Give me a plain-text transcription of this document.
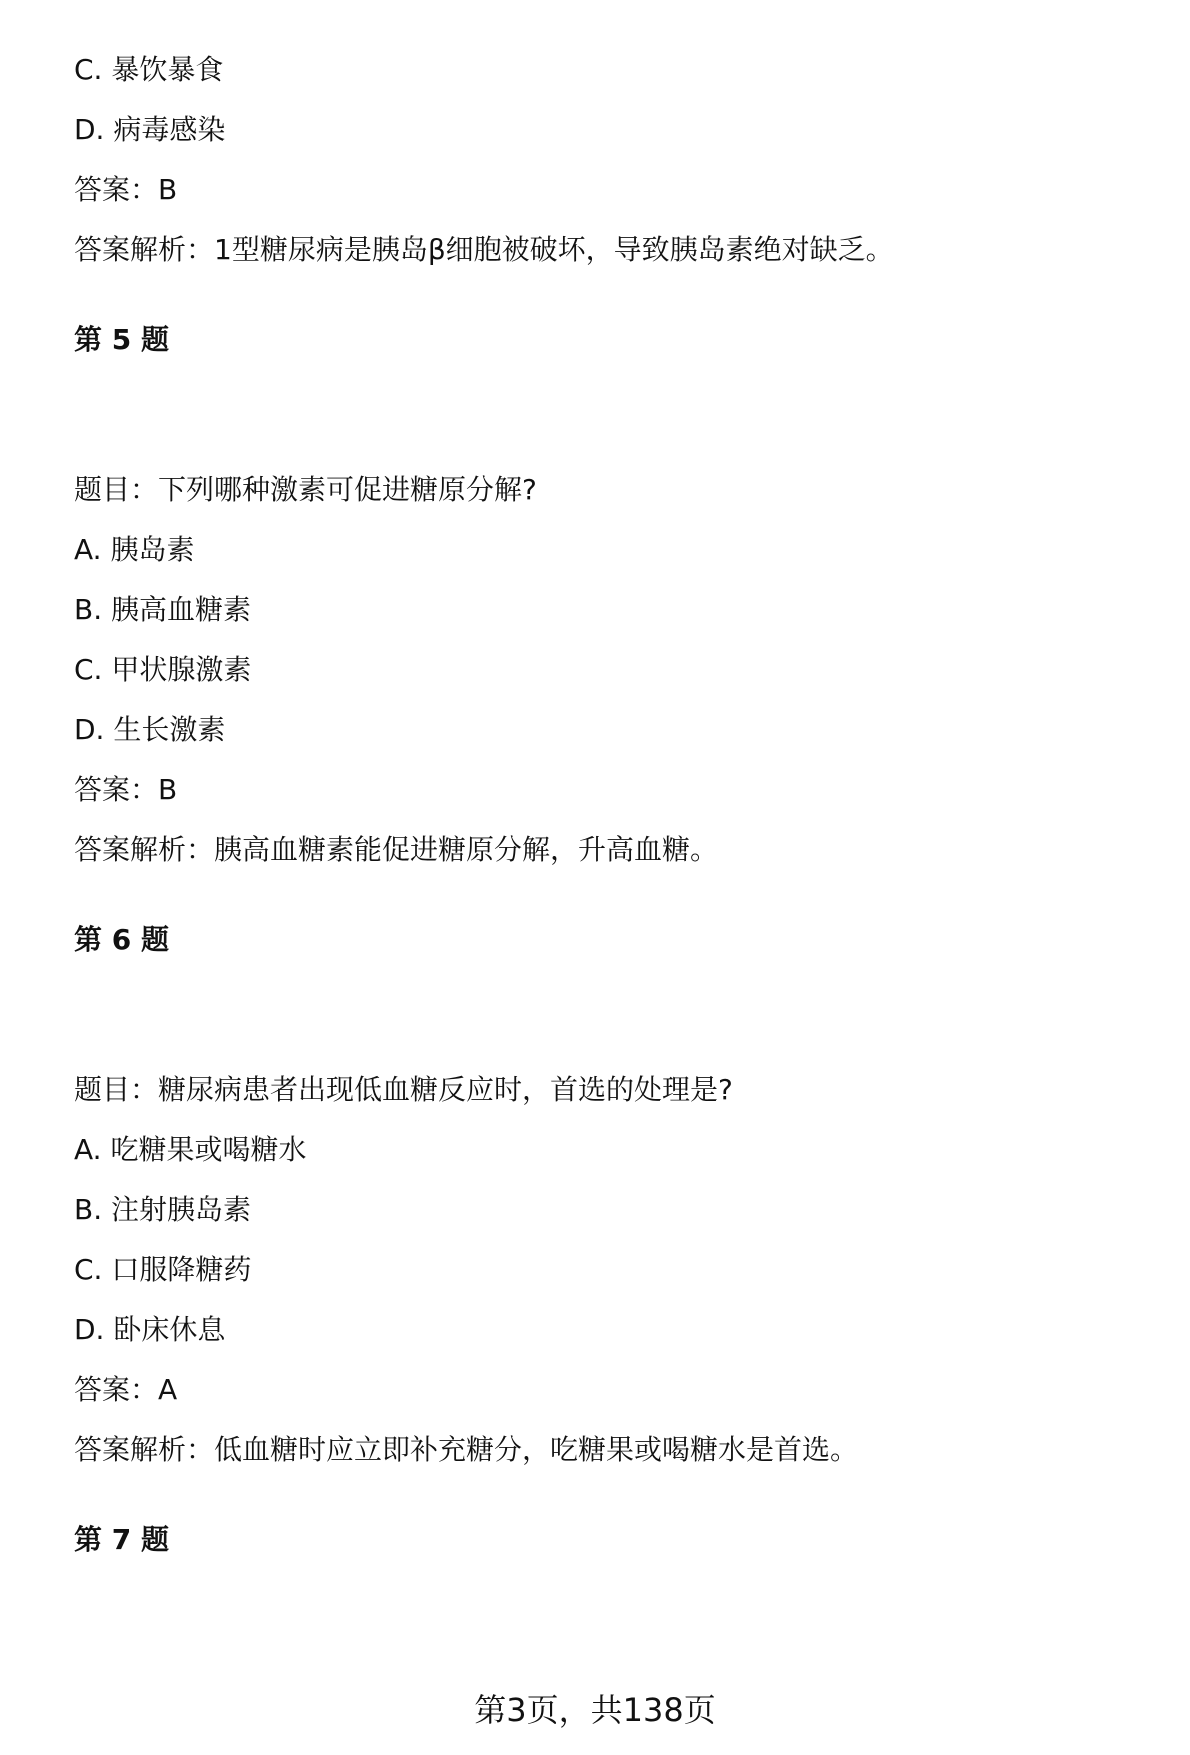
C. 暴饮暴食
D. 病毒感染
答案：B
答案解析：1型糖尿病是胰岛β细胞被破坏，导致胰岛素绝对缺乏。
第 5 题
题目：下列哪种激素可促进糖原分解?
A. 胰岛素
B. 胰高血糖素
C. 甲状腺激素
D. 生长激素
答案：B
答案解析：胰高血糖素能促进糖原分解，升高血糖。
第 6 题
题目：糖尿病患者出现低血糖反应时，首选的处理是?
A. 吃糖果或喝糖水
B. 注射胰岛素
C. 口服降糖药
D. 卧床休息
答案：A
答案解析：低血糖时应立即补充糖分，吃糖果或喝糖水是首选。
第 7 题
第3页，共138页
